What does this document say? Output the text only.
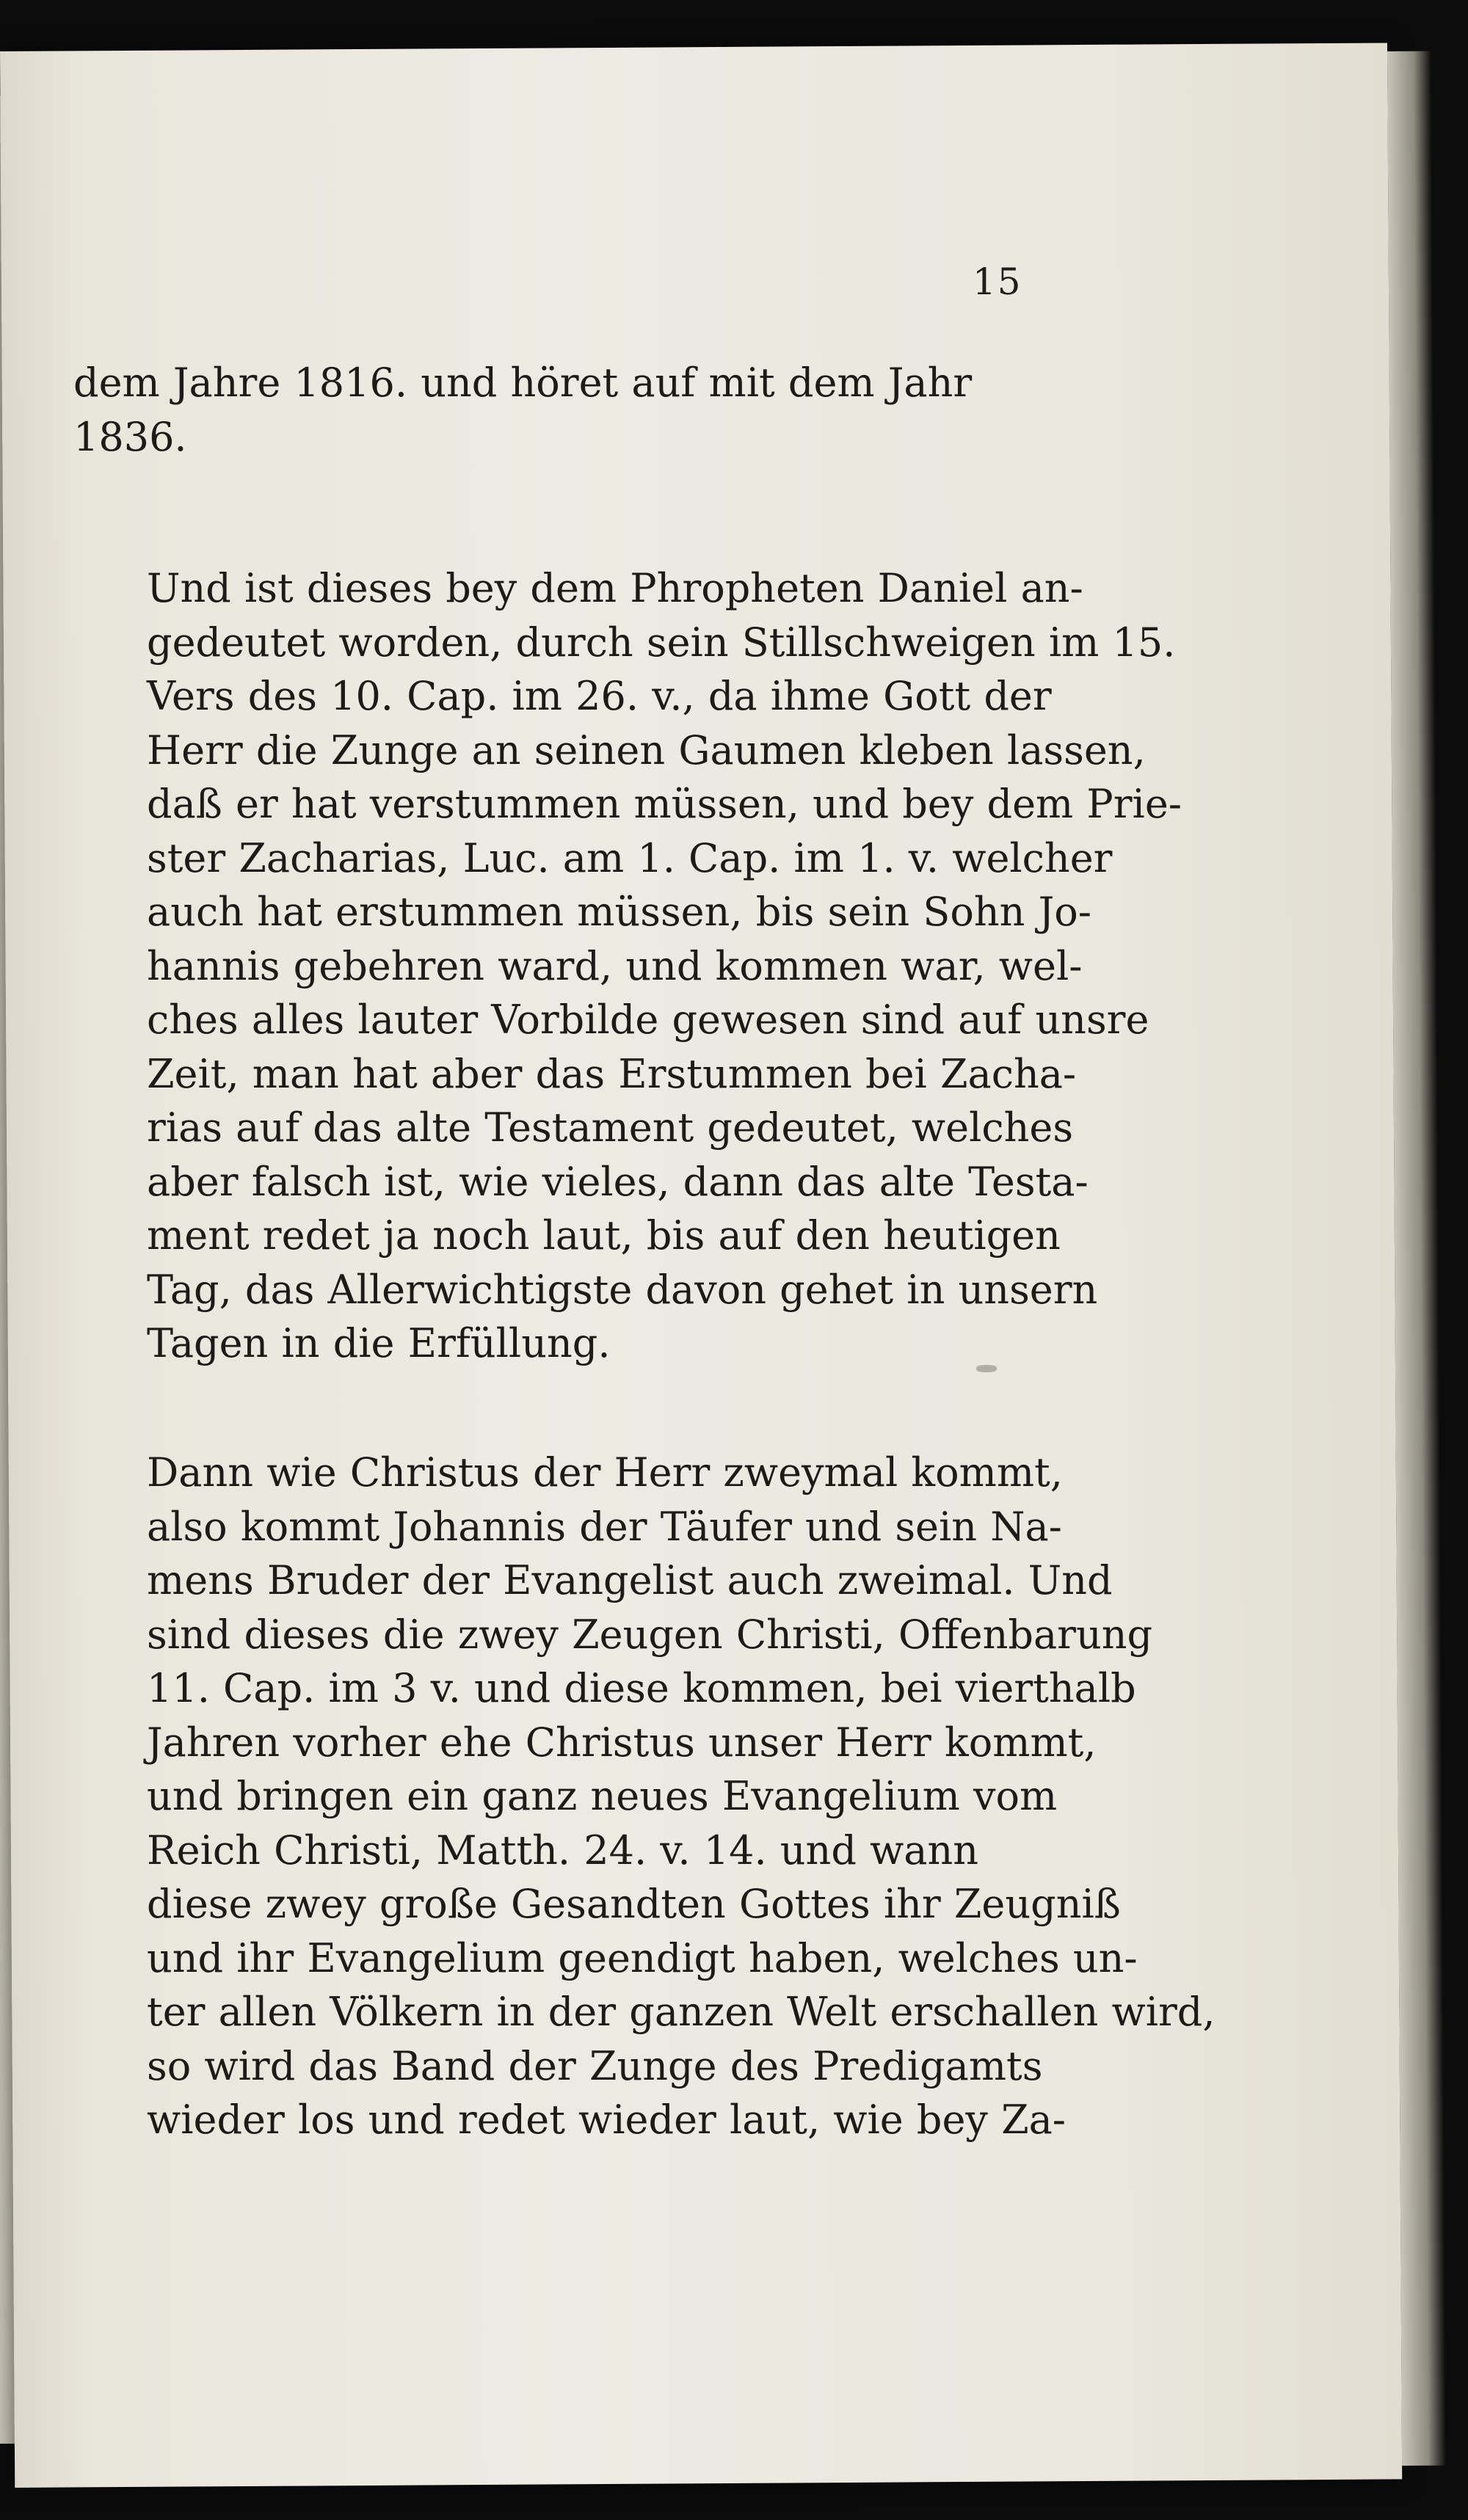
15
dem Jahre 1816. und höret auf mit dem Jahr
1836.
Und ist dieses bey dem Phropheten Daniel an-
gedeutet worden, durch sein Stillschweigen im 15.
Vers des 10. Cap. im 26. v., da ihme Gott der
Herr die Zunge an seinen Gaumen kleben lassen,
daß er hat verstummen müssen, und bey dem Prie-
ster Zacharias, Luc. am 1. Cap. im 1. v. welcher
auch hat erstummen müssen, bis sein Sohn Jo-
hannis gebehren ward, und kommen war, wel-
ches alles lauter Vorbilde gewesen sind auf unsre
Zeit, man hat aber das Erstummen bei Zacha-
rias auf das alte Testament gedeutet, welches
aber falsch ist, wie vieles, dann das alte Testa-
ment redet ja noch laut, bis auf den heutigen
Tag, das Allerwichtigste davon gehet in unsern
Tagen in die Erfüllung.
Dann wie Christus der Herr zweymal kommt,
also kommt Johannis der Täufer und sein Na-
mens Bruder der Evangelist auch zweimal. Und
sind dieses die zwey Zeugen Christi, Offenbarung
11. Cap. im 3 v. und diese kommen, bei vierthalb
Jahren vorher ehe Christus unser Herr kommt,
und bringen ein ganz neues Evangelium vom
Reich Christi, Matth. 24. v. 14. und wann
diese zwey große Gesandten Gottes ihr Zeugniß
und ihr Evangelium geendigt haben, welches un-
ter allen Völkern in der ganzen Welt erschallen wird,
so wird das Band der Zunge des Predigamts
wieder los und redet wieder laut, wie bey Za-
